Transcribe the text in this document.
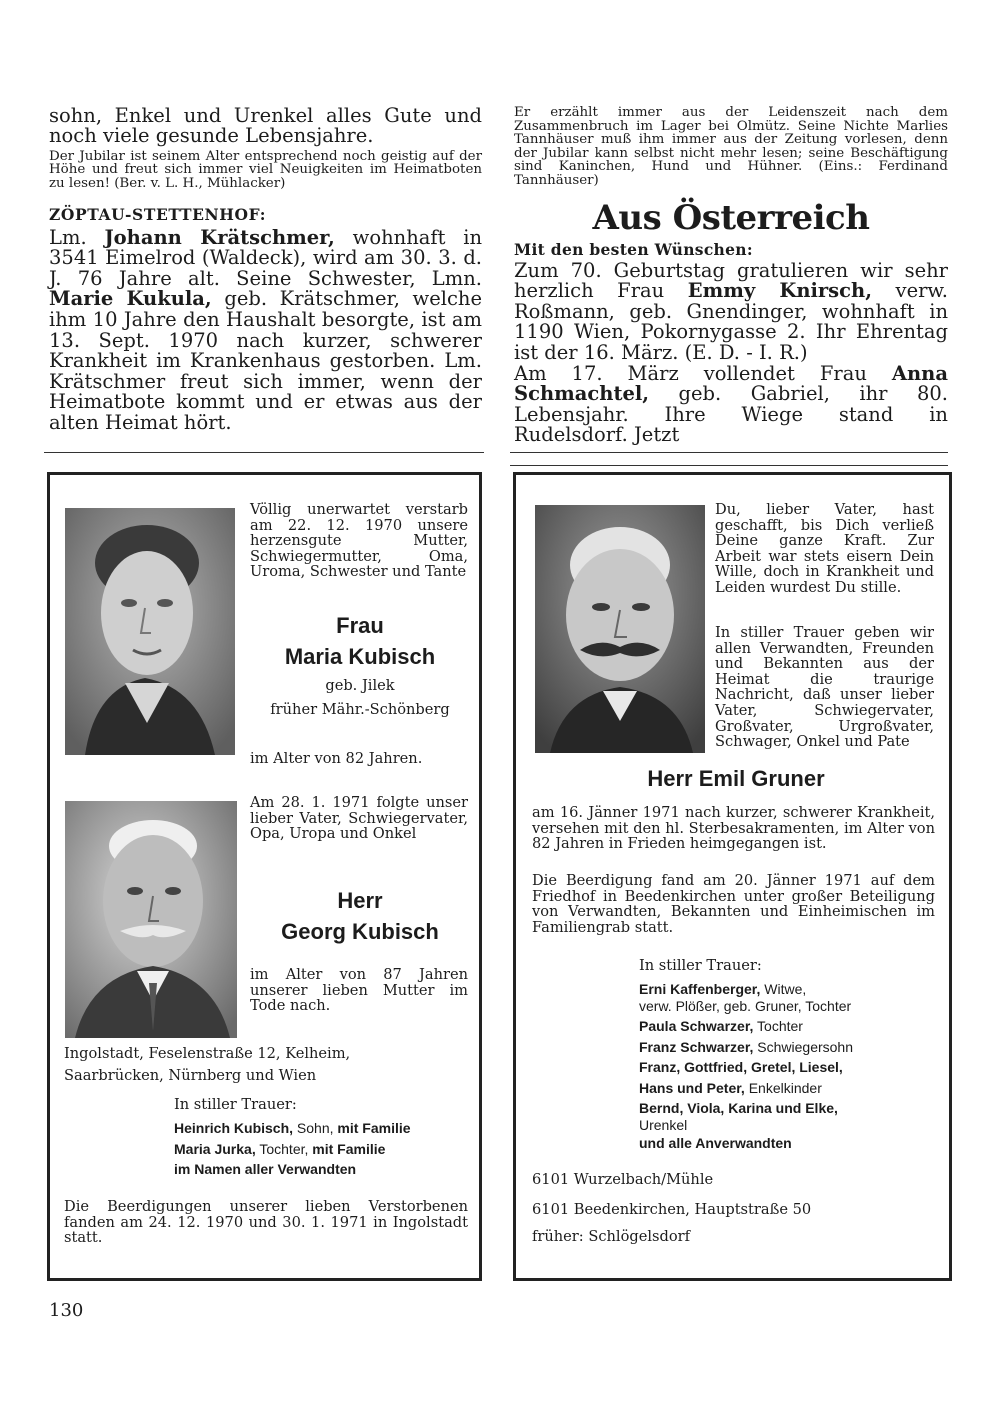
sohn, Enkel und Urenkel alles Gute und noch viele gesunde Lebensjahre.

Der Jubilar ist seinem Alter entsprechend noch geistig auf der Höhe und freut sich immer viel Neuigkeiten im Heimatboten zu lesen! (Ber. v. L. H., Mühlacker)

ZÖPTAU-STETTENHOF:

Lm. Johann Krätschmer, wohnhaft in 3541 Eimelrod (Waldeck), wird am 30. 3. d. J. 76 Jahre alt. Seine Schwester, Lmn. Marie Kukula, geb. Krätschmer, welche ihm 10 Jahre den Haushalt besorgte, ist am 13. Sept. 1970 nach kurzer, schwerer Krankheit im Krankenhaus gestorben. Lm. Krätschmer freut sich immer, wenn der Heimatbote kommt und er etwas aus der alten Heimat hört.

Er erzählt immer aus der Leidenszeit nach dem Zusammenbruch im Lager bei Olmütz. Seine Nichte Marlies Tannhäuser muß ihm immer aus der Zeitung vorlesen, denn der Jubilar kann selbst nicht mehr lesen; seine Beschäftigung sind Kaninchen, Hund und Hühner. (Eins.: Ferdinand Tannhäuser)

Aus Österreich

Mit den besten Wünschen:

Zum 70. Geburtstag gratulieren wir sehr herzlich Frau Emmy Knirsch, verw. Roßmann, geb. Gnendinger, wohnhaft in 1190 Wien, Pokornygasse 2. Ihr Ehrentag ist der 16. März. (E. D. - I. R.)

Am 17. März vollendet Frau Anna Schmachtel, geb. Gabriel, ihr 80. Lebensjahr. Ihre Wiege stand in Rudelsdorf. Jetzt

Völlig unerwartet verstarb am 22. 12. 1970 unsere herzensgute Mutter, Schwiegermutter, Oma, Uroma, Schwester und Tante

Frau

Maria Kubisch

geb. Jilek

früher Mähr.-Schönberg

im Alter von 82 Jahren.

Am 28. 1. 1971 folgte unser lieber Vater, Schwiegervater, Opa, Uropa und Onkel

Herr

Georg Kubisch

im Alter von 87 Jahren unserer lieben Mutter im Tode nach.

Ingolstadt, Feselenstraße 12, Kelheim,

Saarbrücken, Nürnberg und Wien

In stiller Trauer:

Heinrich Kubisch, Sohn, mit Familie

Maria Jurka, Tochter, mit Familie

im Namen aller Verwandten

Die Beerdigungen unserer lieben Verstorbenen fanden am 24. 12. 1970 und 30. 1. 1971 in Ingolstadt statt.

Du, lieber Vater, hast geschafft, bis Dich verließ Deine ganze Kraft. Zur Arbeit war stets eisern Dein Wille, doch in Krankheit und Leiden wurdest Du stille.

In stiller Trauer geben wir allen Verwandten, Freunden und Bekannten aus der Heimat die traurige Nachricht, daß unser lieber Vater, Schwiegervater, Großvater, Urgroßvater, Schwager, Onkel und Pate

Herr Emil Gruner

am 16. Jänner 1971 nach kurzer, schwerer Krankheit, versehen mit den hl. Sterbesakramenten, im Alter von 82 Jahren in Frieden heimgegangen ist.

Die Beerdigung fand am 20. Jänner 1971 auf dem Friedhof in Beedenkirchen unter großer Beteiligung von Verwandten, Bekannten und Einheimischen im Familiengrab statt.

In stiller Trauer:

Erni Kaffenberger, Witwe,

verw. Plößer, geb. Gruner, Tochter

Paula Schwarzer, Tochter

Franz Schwarzer, Schwiegersohn

Franz, Gottfried, Gretel, Liesel,

Hans und Peter, Enkelkinder

Bernd, Viola, Karina und Elke,

Urenkel

und alle Anverwandten

6101 Wurzelbach/Mühle

6101 Beedenkirchen, Hauptstraße 50

früher: Schlögelsdorf

130
